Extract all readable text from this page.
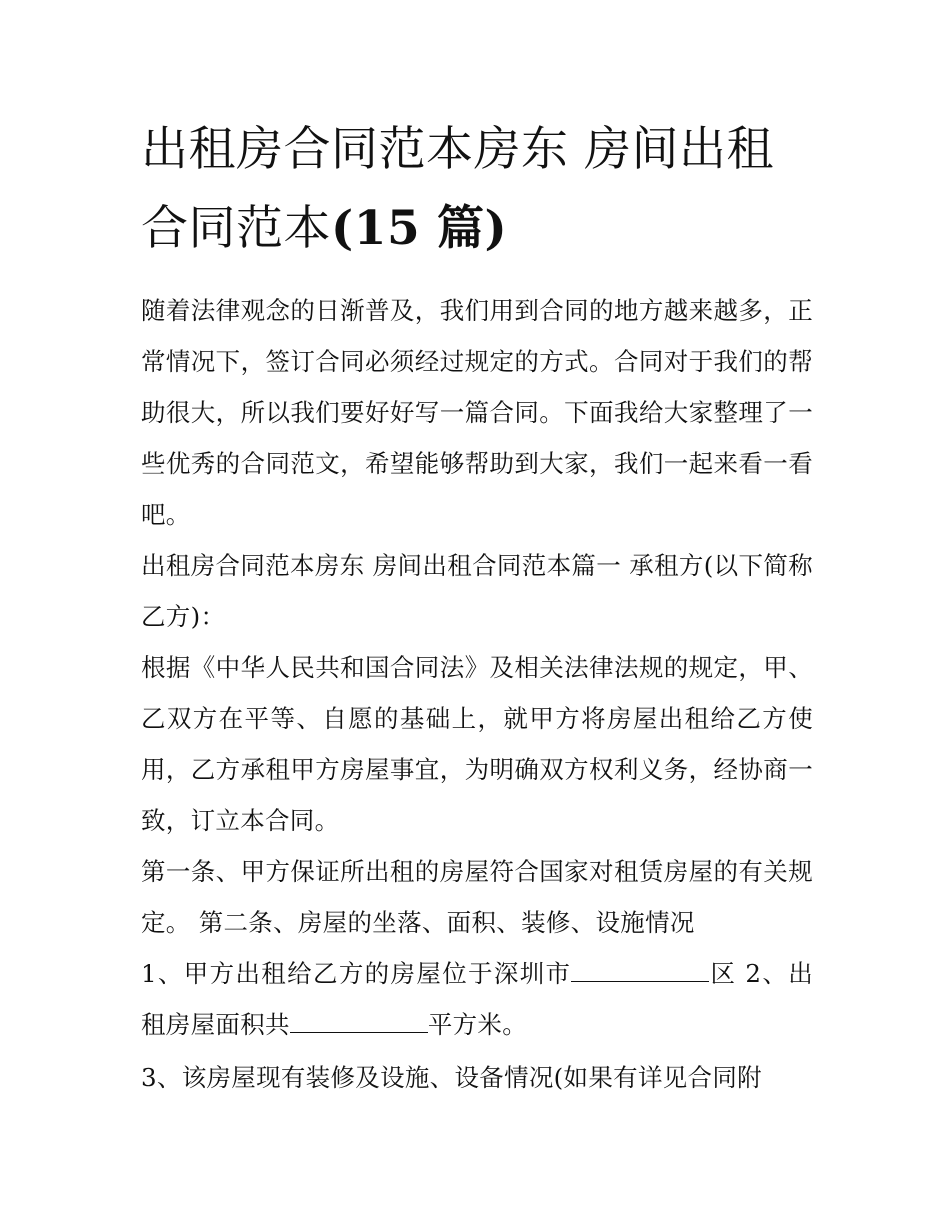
出租房合同范本房东 房间出租合同范本(15 篇)

随着法律观念的日渐普及，我们用到合同的地方越来越多，正常情况下，签订合同必须经过规定的方式。合同对于我们的帮助很大，所以我们要好好写一篇合同。下面我给大家整理了一些优秀的合同范文，希望能够帮助到大家，我们一起来看一看吧。

出租房合同范本房东 房间出租合同范本篇一 承租方(以下简称乙方)：

根据《中华人民共和国合同法》及相关法律法规的规定，甲、乙双方在平等、自愿的基础上，就甲方将房屋出租给乙方使用，乙方承租甲方房屋事宜，为明确双方权利义务，经协商一致，订立本合同。

第一条、甲方保证所出租的房屋符合国家对租赁房屋的有关规定。 第二条、房屋的坐落、面积、装修、设施情况

1、甲方出租给乙方的房屋位于深圳市	区 2、出租房屋面积共	平方米。

3、该房屋现有装修及设施、设备情况(如果有详见合同附
